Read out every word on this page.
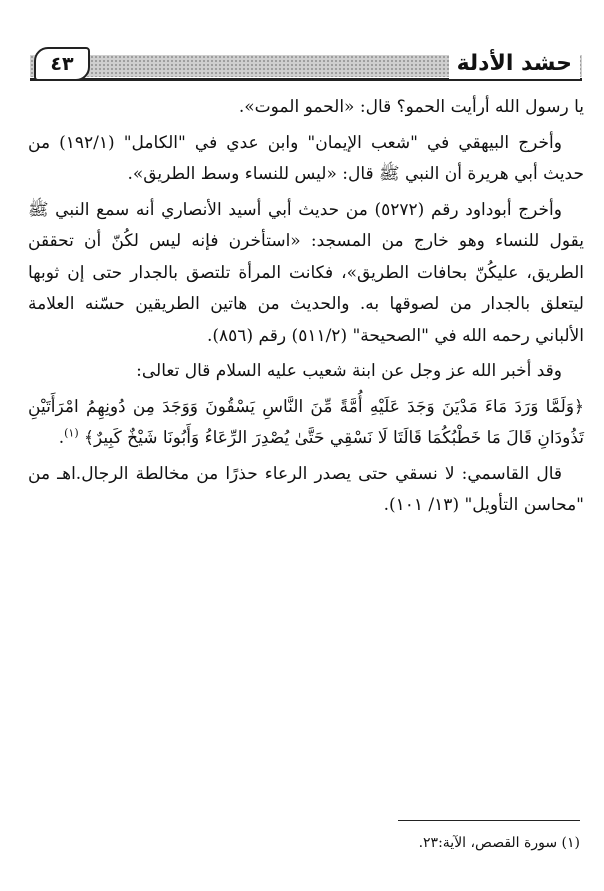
حشد الأدلة
٤٣

يا رسول الله أرأيت الحمو؟ قال: «الحمو الموت».

وأخرج البيهقي في "شعب الإيمان" وابن عدي في "الكامل" (١٩٢/١) من حديث أبي هريرة أن النبي ﷺ قال: «ليس للنساء وسط الطريق».

وأخرج أبوداود رقم (٥٢٧٢) من حديث أبي أسيد الأنصاري أنه سمع النبي ﷺ يقول للنساء وهو خارج من المسجد: «استأخرن فإنه ليس لكُنّ أن تحققن الطريق، عليكُنّ بحافات الطريق»، فكانت المرأة تلتصق بالجدار حتى إن ثوبها ليتعلق بالجدار من لصوقها به. والحديث من هاتين الطريقين حسّنه العلامة الألباني رحمه الله في "الصحيحة" (٥١١/٢) رقم (٨٥٦).

وقد أخبر الله عز وجل عن ابنة شعيب عليه السلام قال تعالى:

﴿وَلَمَّا وَرَدَ مَاءَ مَدْيَنَ وَجَدَ عَلَيْهِ أُمَّةً مِّنَ النَّاسِ يَسْقُونَ وَوَجَدَ مِن دُونِهِمُ امْرَأَتَيْنِ تَذُودَانِ قَالَ مَا خَطْبُكُمَا قَالَتَا لَا نَسْقِي حَتَّىٰ يُصْدِرَ الرِّعَاءُ وَأَبُونَا شَيْخٌ كَبِيرٌ﴾ $^{(١)}$.

قال القاسمي: لا نسقي حتى يصدر الرعاء حذرًا من مخالطة الرجال.اهـ من "محاسن التأويل" (١٣/ ١٠١).

(١) سورة القصص، الآية:٢٣.
